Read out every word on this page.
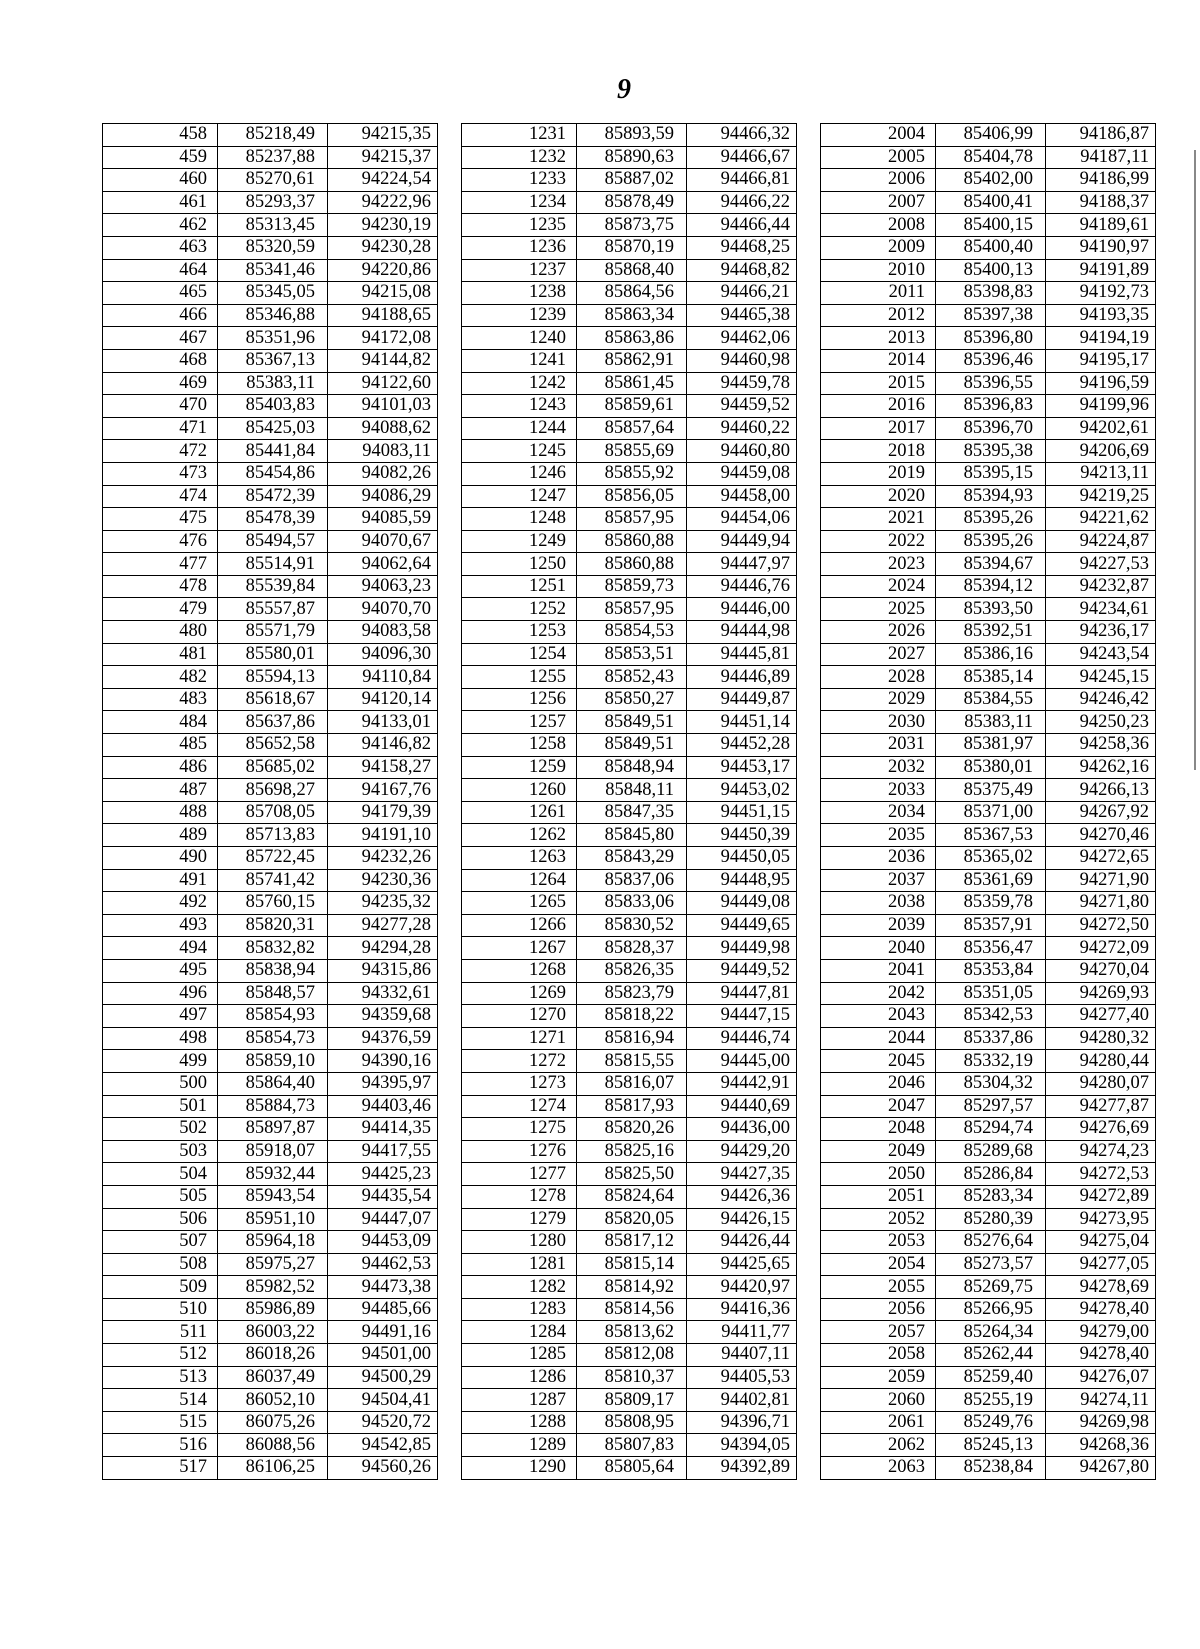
9
458	85218,49	94215,35
459	85237,88	94215,37
460	85270,61	94224,54
461	85293,37	94222,96
462	85313,45	94230,19
463	85320,59	94230,28
464	85341,46	94220,86
465	85345,05	94215,08
466	85346,88	94188,65
467	85351,96	94172,08
468	85367,13	94144,82
469	85383,11	94122,60
470	85403,83	94101,03
471	85425,03	94088,62
472	85441,84	94083,11
473	85454,86	94082,26
474	85472,39	94086,29
475	85478,39	94085,59
476	85494,57	94070,67
477	85514,91	94062,64
478	85539,84	94063,23
479	85557,87	94070,70
480	85571,79	94083,58
481	85580,01	94096,30
482	85594,13	94110,84
483	85618,67	94120,14
484	85637,86	94133,01
485	85652,58	94146,82
486	85685,02	94158,27
487	85698,27	94167,76
488	85708,05	94179,39
489	85713,83	94191,10
490	85722,45	94232,26
491	85741,42	94230,36
492	85760,15	94235,32
493	85820,31	94277,28
494	85832,82	94294,28
495	85838,94	94315,86
496	85848,57	94332,61
497	85854,93	94359,68
498	85854,73	94376,59
499	85859,10	94390,16
500	85864,40	94395,97
501	85884,73	94403,46
502	85897,87	94414,35
503	85918,07	94417,55
504	85932,44	94425,23
505	85943,54	94435,54
506	85951,10	94447,07
507	85964,18	94453,09
508	85975,27	94462,53
509	85982,52	94473,38
510	85986,89	94485,66
511	86003,22	94491,16
512	86018,26	94501,00
513	86037,49	94500,29
514	86052,10	94504,41
515	86075,26	94520,72
516	86088,56	94542,85
517	86106,25	94560,26
1231	85893,59	94466,32
1232	85890,63	94466,67
1233	85887,02	94466,81
1234	85878,49	94466,22
1235	85873,75	94466,44
1236	85870,19	94468,25
1237	85868,40	94468,82
1238	85864,56	94466,21
1239	85863,34	94465,38
1240	85863,86	94462,06
1241	85862,91	94460,98
1242	85861,45	94459,78
1243	85859,61	94459,52
1244	85857,64	94460,22
1245	85855,69	94460,80
1246	85855,92	94459,08
1247	85856,05	94458,00
1248	85857,95	94454,06
1249	85860,88	94449,94
1250	85860,88	94447,97
1251	85859,73	94446,76
1252	85857,95	94446,00
1253	85854,53	94444,98
1254	85853,51	94445,81
1255	85852,43	94446,89
1256	85850,27	94449,87
1257	85849,51	94451,14
1258	85849,51	94452,28
1259	85848,94	94453,17
1260	85848,11	94453,02
1261	85847,35	94451,15
1262	85845,80	94450,39
1263	85843,29	94450,05
1264	85837,06	94448,95
1265	85833,06	94449,08
1266	85830,52	94449,65
1267	85828,37	94449,98
1268	85826,35	94449,52
1269	85823,79	94447,81
1270	85818,22	94447,15
1271	85816,94	94446,74
1272	85815,55	94445,00
1273	85816,07	94442,91
1274	85817,93	94440,69
1275	85820,26	94436,00
1276	85825,16	94429,20
1277	85825,50	94427,35
1278	85824,64	94426,36
1279	85820,05	94426,15
1280	85817,12	94426,44
1281	85815,14	94425,65
1282	85814,92	94420,97
1283	85814,56	94416,36
1284	85813,62	94411,77
1285	85812,08	94407,11
1286	85810,37	94405,53
1287	85809,17	94402,81
1288	85808,95	94396,71
1289	85807,83	94394,05
1290	85805,64	94392,89
2004	85406,99	94186,87
2005	85404,78	94187,11
2006	85402,00	94186,99
2007	85400,41	94188,37
2008	85400,15	94189,61
2009	85400,40	94190,97
2010	85400,13	94191,89
2011	85398,83	94192,73
2012	85397,38	94193,35
2013	85396,80	94194,19
2014	85396,46	94195,17
2015	85396,55	94196,59
2016	85396,83	94199,96
2017	85396,70	94202,61
2018	85395,38	94206,69
2019	85395,15	94213,11
2020	85394,93	94219,25
2021	85395,26	94221,62
2022	85395,26	94224,87
2023	85394,67	94227,53
2024	85394,12	94232,87
2025	85393,50	94234,61
2026	85392,51	94236,17
2027	85386,16	94243,54
2028	85385,14	94245,15
2029	85384,55	94246,42
2030	85383,11	94250,23
2031	85381,97	94258,36
2032	85380,01	94262,16
2033	85375,49	94266,13
2034	85371,00	94267,92
2035	85367,53	94270,46
2036	85365,02	94272,65
2037	85361,69	94271,90
2038	85359,78	94271,80
2039	85357,91	94272,50
2040	85356,47	94272,09
2041	85353,84	94270,04
2042	85351,05	94269,93
2043	85342,53	94277,40
2044	85337,86	94280,32
2045	85332,19	94280,44
2046	85304,32	94280,07
2047	85297,57	94277,87
2048	85294,74	94276,69
2049	85289,68	94274,23
2050	85286,84	94272,53
2051	85283,34	94272,89
2052	85280,39	94273,95
2053	85276,64	94275,04
2054	85273,57	94277,05
2055	85269,75	94278,69
2056	85266,95	94278,40
2057	85264,34	94279,00
2058	85262,44	94278,40
2059	85259,40	94276,07
2060	85255,19	94274,11
2061	85249,76	94269,98
2062	85245,13	94268,36
2063	85238,84	94267,80
